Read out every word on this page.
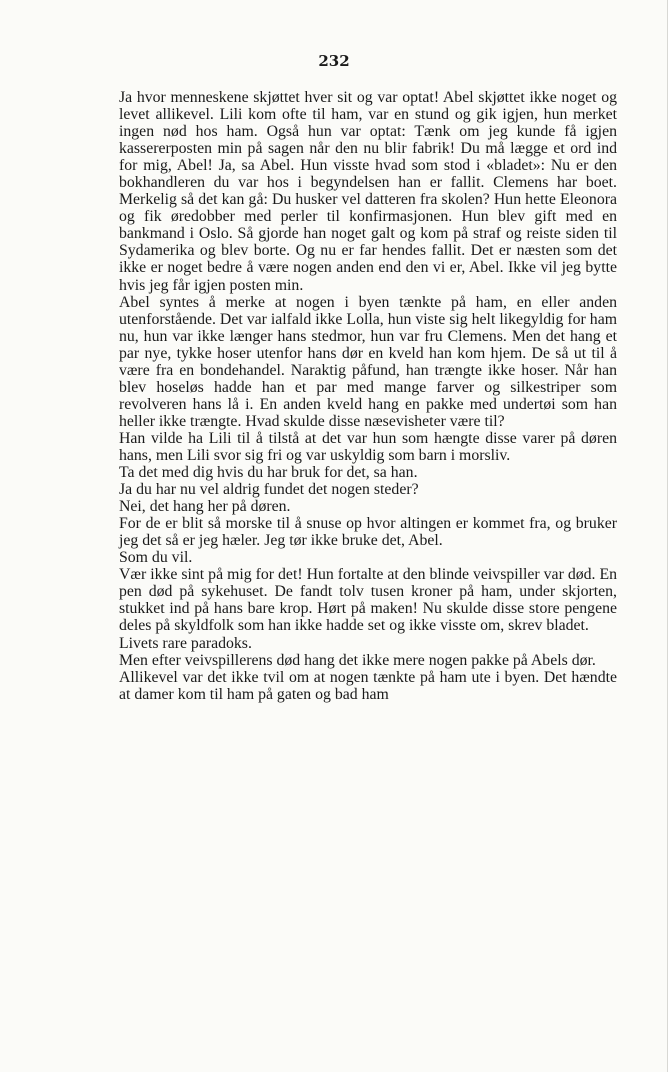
232

Ja hvor menneskene skjøttet hver sit og var optat! Abel skjøttet ikke noget og levet allikevel. Lili kom ofte til ham, var en stund og gik igjen, hun merket ingen nød hos ham. Også hun var optat: Tænk om jeg kunde få igjen kassererposten min på sagen når den nu blir fabrik! Du må lægge et ord ind for mig, Abel! Ja, sa Abel. Hun visste hvad som stod i «bladet»: Nu er den bokhandleren du var hos i begyndelsen han er fallit. Clemens har boet. Merkelig så det kan gå: Du husker vel datteren fra skolen? Hun hette Eleonora og fik øredobber med perler til konfirmasjonen. Hun blev gift med en bankmand i Oslo. Så gjorde han noget galt og kom på straf og reiste siden til Sydamerika og blev borte. Og nu er far hendes fallit. Det er næsten som det ikke er noget bedre å være nogen anden end den vi er, Abel. Ikke vil jeg bytte hvis jeg får igjen posten min.

Abel syntes å merke at nogen i byen tænkte på ham, en eller anden utenforstående. Det var ialfald ikke Lolla, hun viste sig helt likegyldig for ham nu, hun var ikke længer hans stedmor, hun var fru Clemens. Men det hang et par nye, tykke hoser utenfor hans dør en kveld han kom hjem. De så ut til å være fra en bondehandel. Naraktig påfund, han trængte ikke hoser. Når han blev hoseløs hadde han et par med mange farver og silkestriper som revolveren hans lå i. En anden kveld hang en pakke med undertøi som han heller ikke trængte. Hvad skulde disse næsevisheter være til?

Han vilde ha Lili til å tilstå at det var hun som hængte disse varer på døren hans, men Lili svor sig fri og var uskyldig som barn i morsliv.

Ta det med dig hvis du har bruk for det, sa han.

Ja du har nu vel aldrig fundet det nogen steder?

Nei, det hang her på døren.

For de er blit så morske til å snuse op hvor altingen er kommet fra, og bruker jeg det så er jeg hæler. Jeg tør ikke bruke det, Abel.

Som du vil.

Vær ikke sint på mig for det! Hun fortalte at den blinde veivspiller var død. En pen død på sykehuset. De fandt tolv tusen kroner på ham, under skjorten, stukket ind på hans bare krop. Hørt på maken! Nu skulde disse store pengene deles på skyldfolk som han ikke hadde set og ikke visste om, skrev bladet.

Livets rare paradoks.

Men efter veivspillerens død hang det ikke mere nogen pakke på Abels dør.

Allikevel var det ikke tvil om at nogen tænkte på ham ute i byen. Det hændte at damer kom til ham på gaten og bad ham
